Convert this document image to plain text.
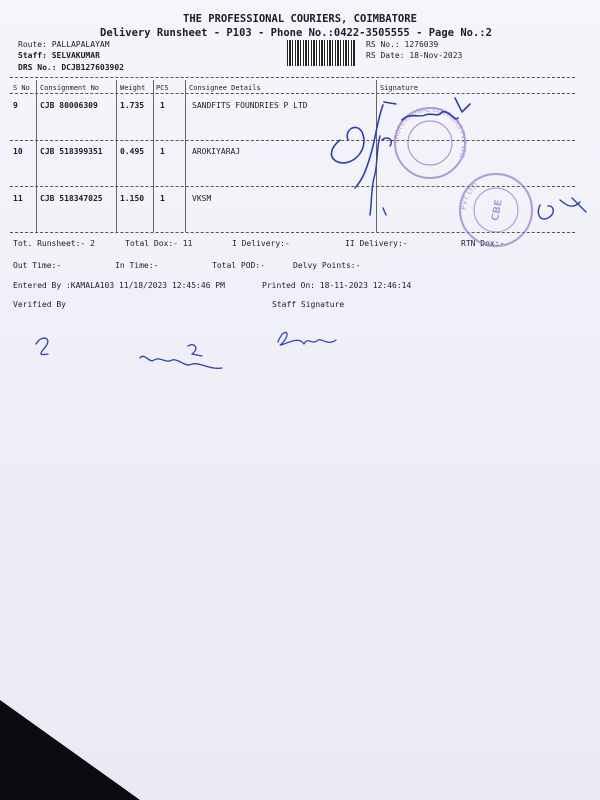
THE PROFESSIONAL COURIERS, COIMBATORE
Delivery Runsheet - P103 - Phone No.:0422-3505555 - Page No.:2
Route: PALLAPALAYAM
Staff: SELVAKUMAR
DRS No.: DCJB127603902
RS No.: 1276039
RS Date: 18-Nov-2023
S No Consignment No	Weight PCS	Consignee Details	Signature
9	CJB 80006309	1.735 1	SANDFITS FOUNDRIES P LTD
10 CJB 518399351 0.495 1	AROKIYARAJ
11 CJB 518347025 1.150 1	VKSM
Tot. Runsheet:- 2	Total Dox:- 11	I Delivery:-	II Delivery:-	RTN Dox:-
Out Time:-	In Time:-	Total POD:-	Delvy Points:-
Entered By :KAMALA103 11/18/2023 12:45:46 PM	Printed On: 18-11-2023 12:46:14
Verified By	Staff Signature
PROFESSIONAL COURIERS PVT LTD
PVT LTD
CBE
